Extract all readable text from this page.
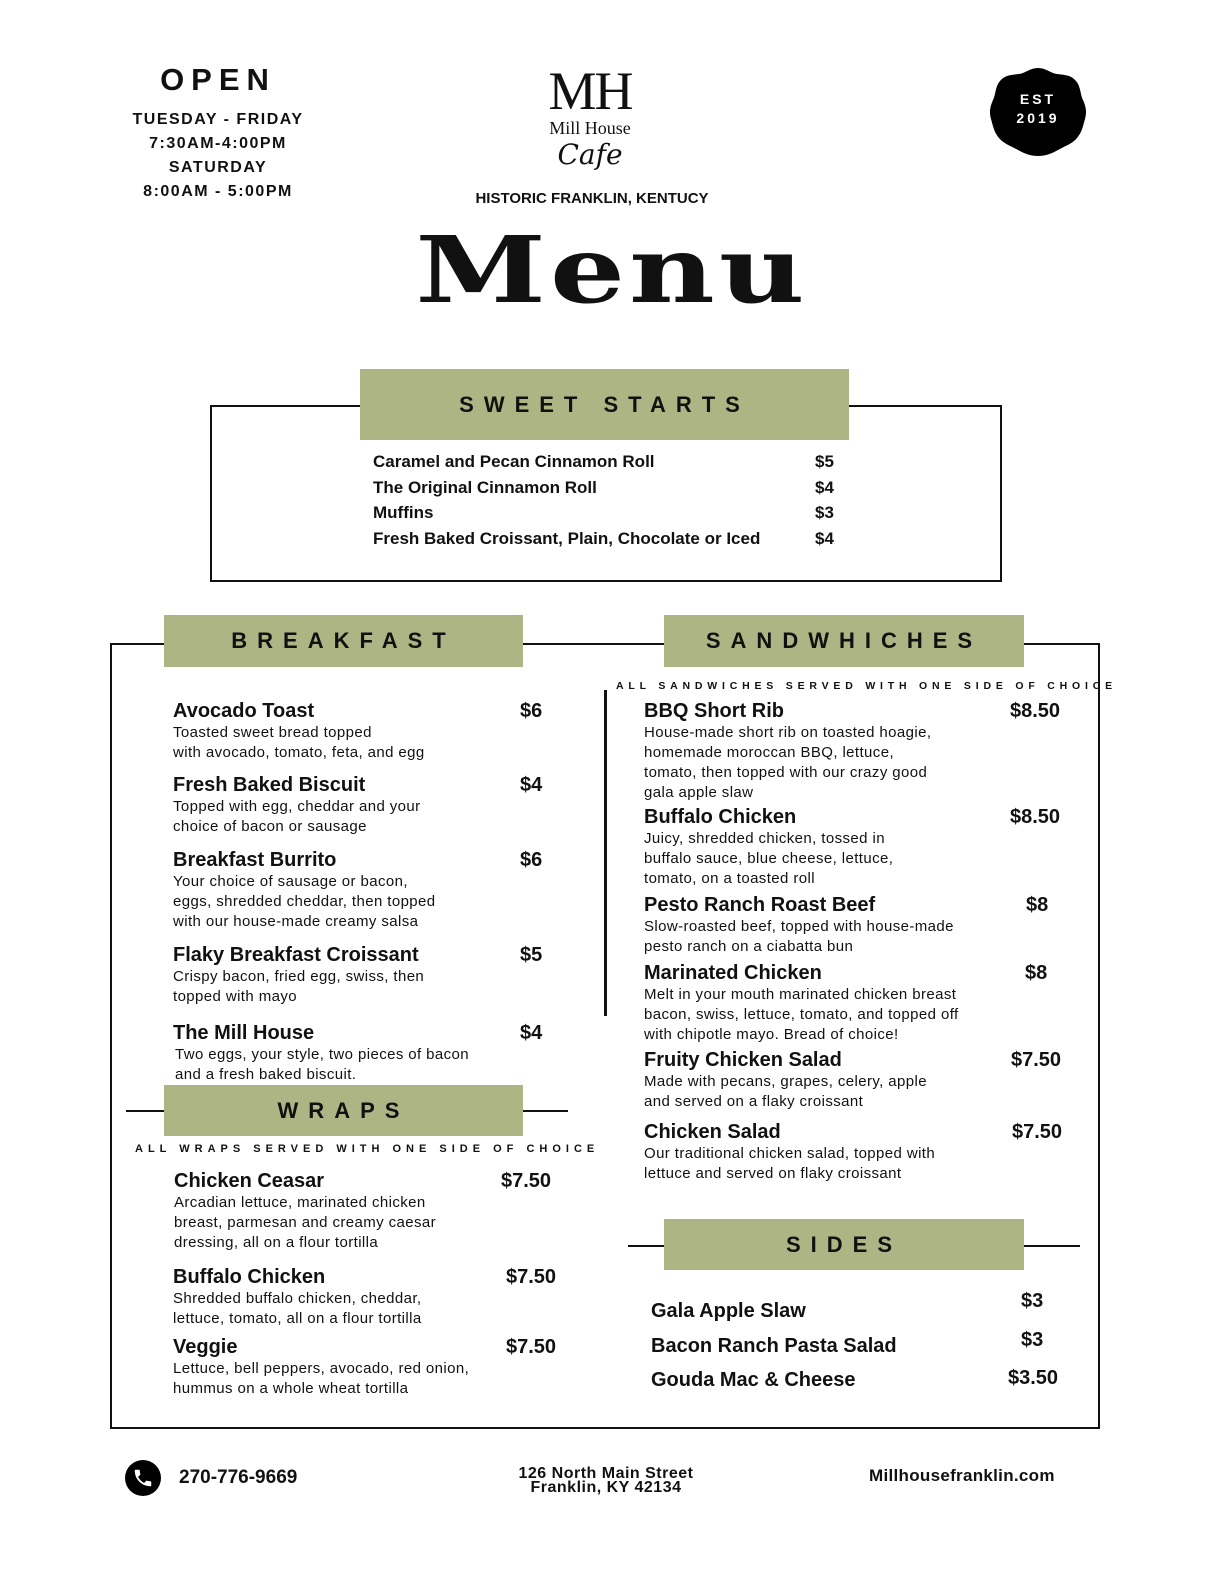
OPEN
TUESDAY - FRIDAY
7:30AM-4:00PM
SATURDAY
8:00AM - 5:00PM
MH
Mill House
Cafe
HISTORIC FRANKLIN, KENTUCY
EST
2019
Menu
SWEET STARTS
Caramel and Pecan Cinnamon Roll	$5
The Original Cinnamon Roll	$4
Muffins	$3
Fresh Baked Croissant, Plain, Chocolate or Iced	$4
BREAKFAST
Avocado Toast	$6
Toasted sweet bread topped
with avocado, tomato, feta, and egg
Fresh Baked Biscuit	$4
Topped with egg, cheddar and your
choice of bacon or sausage
Breakfast Burrito	$6
Your choice of sausage or bacon,
eggs, shredded cheddar, then topped
with our house-made creamy salsa
Flaky Breakfast Croissant	$5
Crispy bacon, fried egg, swiss, then
topped with mayo
The Mill House	$4
Two eggs, your style, two pieces of bacon
and a fresh baked biscuit.
WRAPS
ALL WRAPS SERVED WITH ONE SIDE OF CHOICE
Chicken Ceasar	$7.50
Arcadian lettuce, marinated chicken
breast, parmesan and creamy caesar
dressing, all on a flour tortilla
Buffalo Chicken	$7.50
Shredded buffalo chicken, cheddar,
lettuce, tomato, all on a flour tortilla
Veggie	$7.50
Lettuce, bell peppers, avocado, red onion,
hummus on a whole wheat tortilla
SANDWHICHES
ALL SANDWICHES SERVED WITH ONE SIDE OF CHOICE
BBQ Short Rib	$8.50
House-made short rib on toasted hoagie,
homemade moroccan BBQ, lettuce,
tomato, then topped with our crazy good
gala apple slaw
Buffalo Chicken	$8.50
Juicy, shredded chicken, tossed in
buffalo sauce, blue cheese, lettuce,
tomato, on a toasted roll
Pesto Ranch Roast Beef	$8
Slow-roasted beef, topped with house-made
pesto ranch on a ciabatta bun
Marinated Chicken	$8
Melt in your mouth marinated chicken breast
bacon, swiss, lettuce, tomato, and topped off
with chipotle mayo. Bread of choice!
Fruity Chicken Salad	$7.50
Made with pecans, grapes, celery, apple
and served on a flaky croissant
Chicken Salad	$7.50
Our traditional chicken salad, topped with
lettuce and served on flaky croissant
SIDES
Gala Apple Slaw	$3
Bacon Ranch Pasta Salad	$3
Gouda Mac & Cheese	$3.50
270-776-9669	126 North Main Street
Franklin, KY 42134
Millhousefranklin.com
